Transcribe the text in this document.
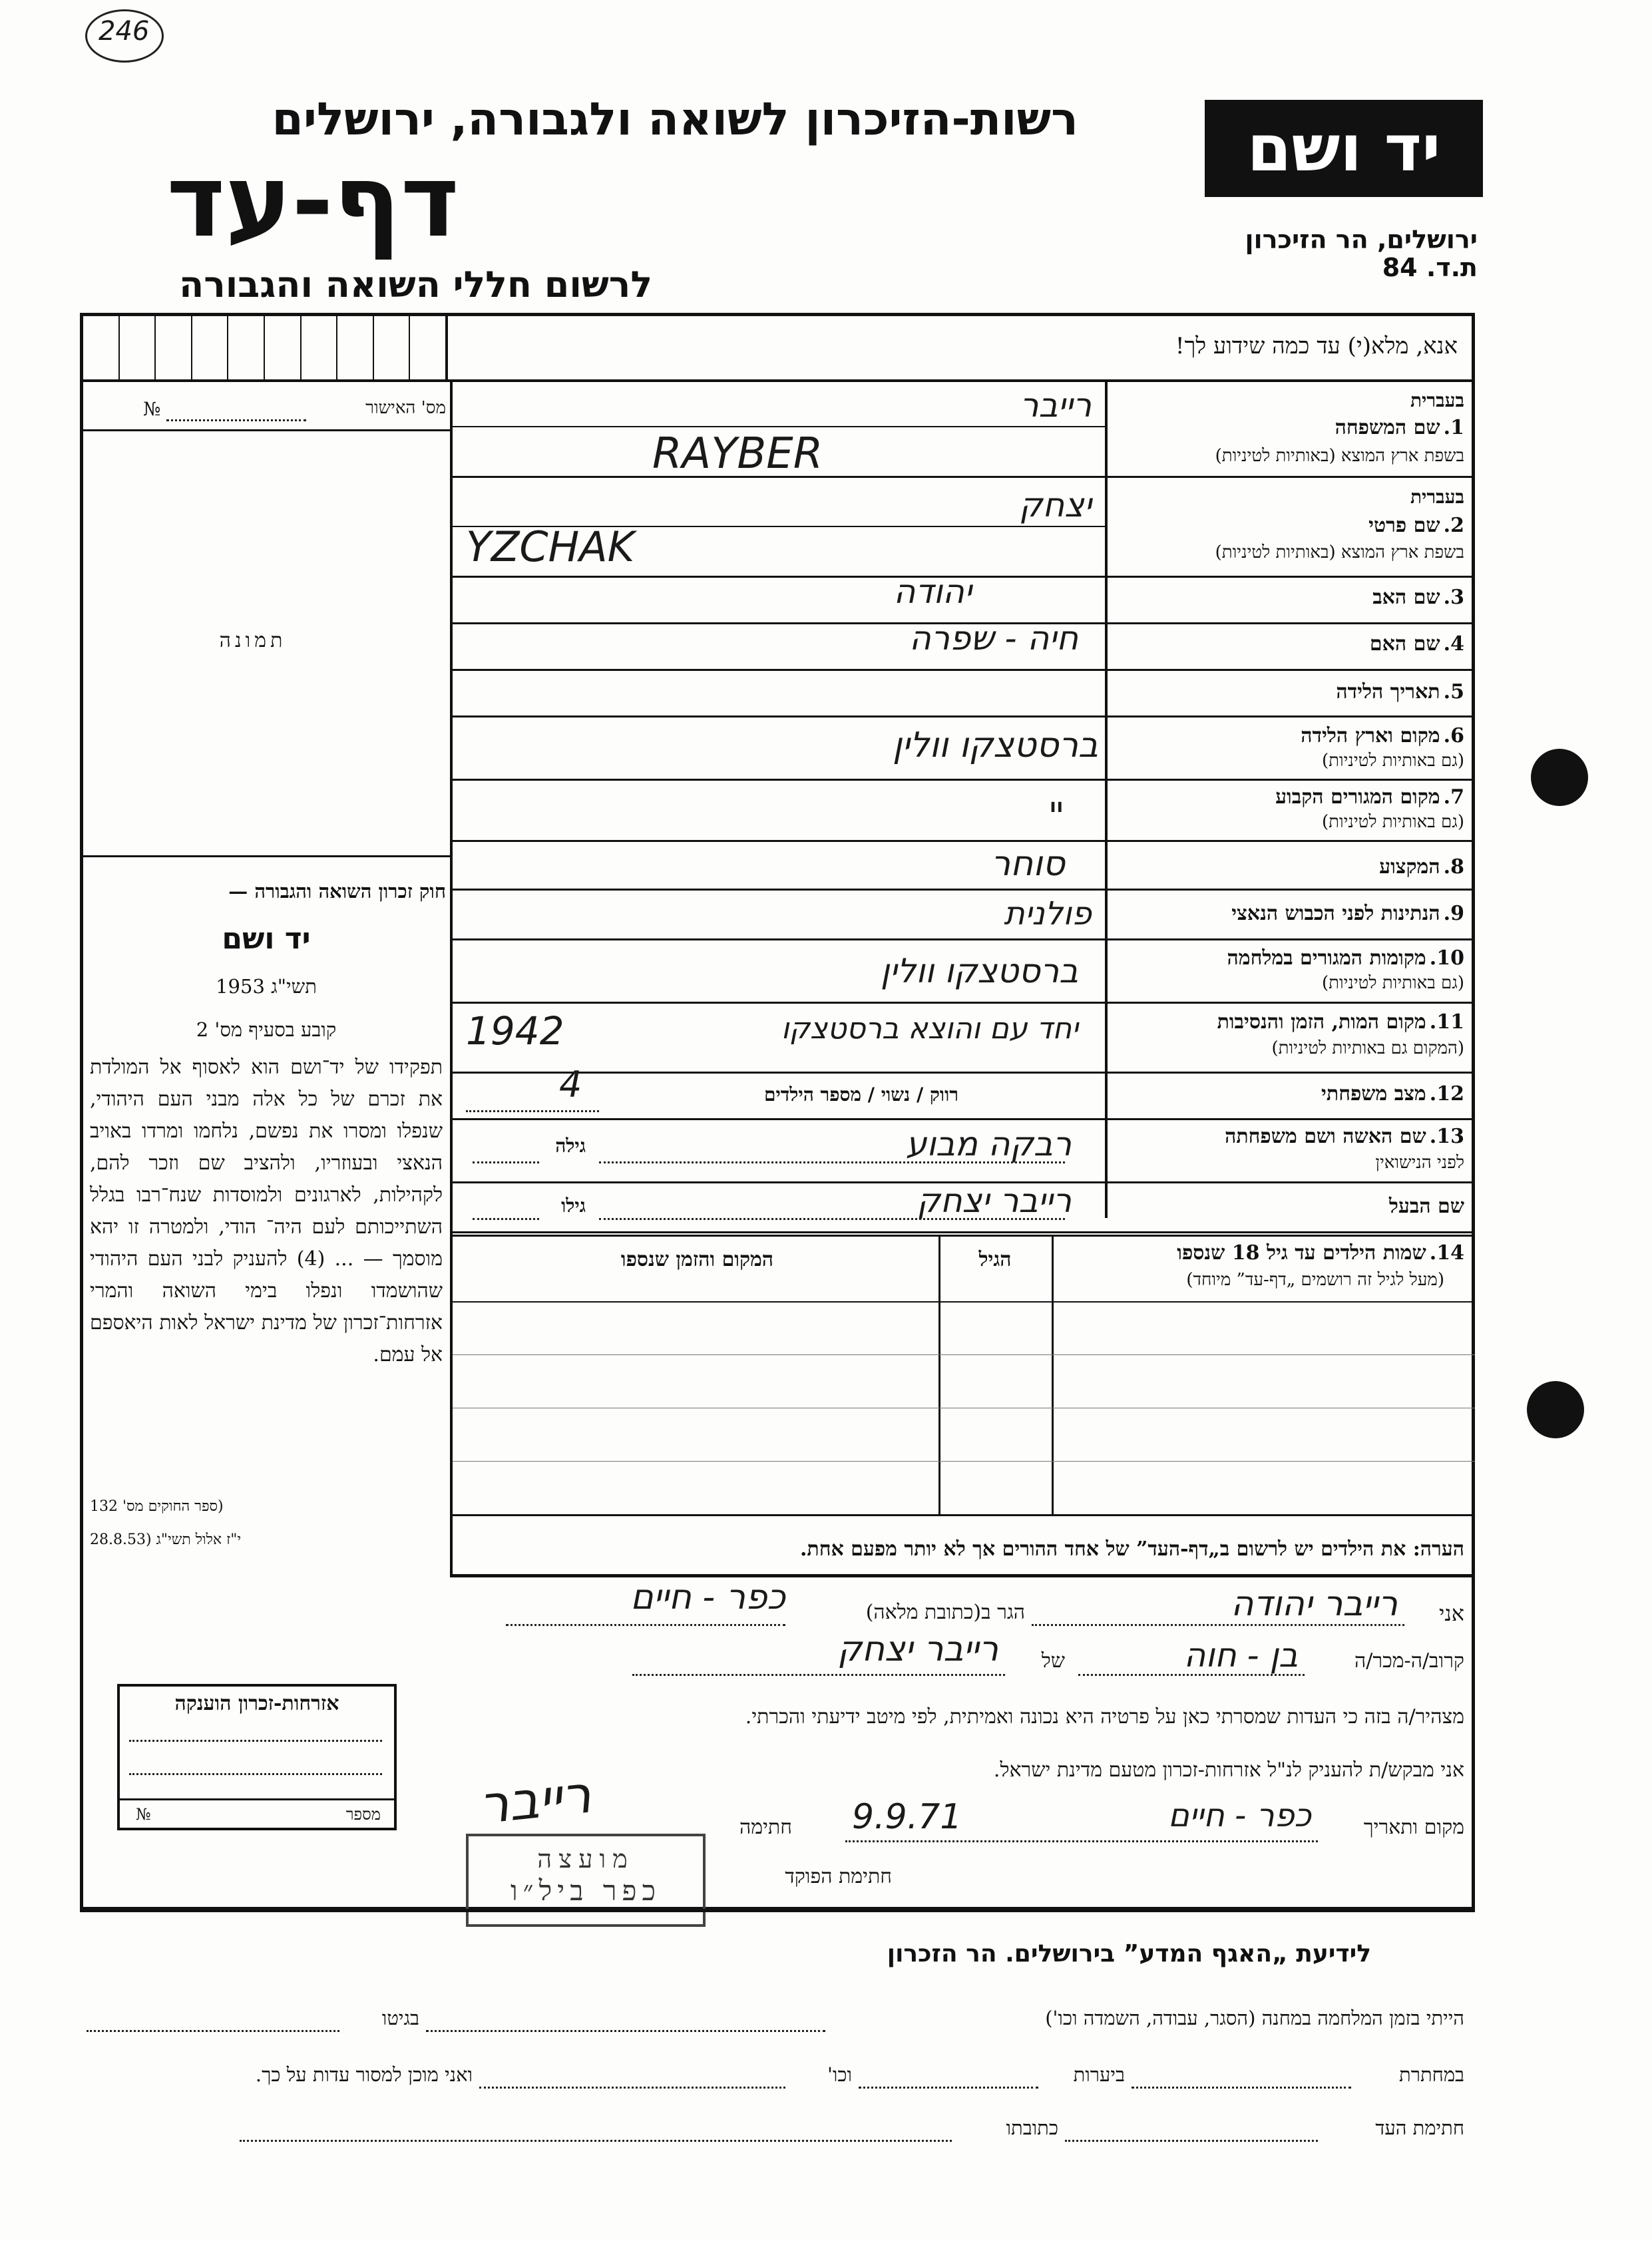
246
רשות-הזיכרון לשואה ולגבורה, ירושלים
דף-עד
לרשום חללי השואה והגבורה
יד ושם
ירושלים, הר הזיכרון
ת.ד. 84
אנא, מלא(י) עד כמה שידוע לך!
מס' האישור
№
תמונה
חוק זכרון השואה והגבורה —
יד ושם
תשי"ג 1953
קובע בסעיף מס' 2
תפקידו של יד־ושם הוא לאסוף אל המולדת את זכרם של כל אלה מבני העם היהודי, שנפלו ומסרו את נפשם, נלחמו ומרדו באויב הנאצי ובעוזריו, ולהציב שם וזכר להם, לקהילות, לארגונים ולמוסדות שנח־רבו בגלל השתייכותם לעם היה־ הודי, ולמטרה זו יהא מוסמך — ... (4) להעניק לבני העם היהודי שהושמדו ונפלו בימי השואה והמרי אזרחות־זכרון של מדינת ישראל לאות היאספם אל עמם.
(ספר החוקים מס' 132
י"ז אלול תשי"ג (28.8.53
בעברית
1. שם המשפחה
בשפת ארץ המוצא (באותיות לטיניות)
רייבר
RAYBER
בעברית
2. שם פרטי
בשפת ארץ המוצא (באותיות לטיניות)
יצחק
YZCHAK
3. שם האב
יהודה
4. שם האם
חיה - שפרה
5. תאריך הלידה
6. מקום וארץ הלידה
(גם באותיות לטיניות)
ברסטצקו וולין
7. מקום המגורים הקבוע
(גם באותיות לטיניות)
"
8. המקצוע
סוחר
9. הנתינות לפני הכבוש הנאצי
פולנית
10. מקומות המגורים במלחמה
(גם באותיות לטיניות)
ברסטצקו וולין
11. מקום המות, הזמן והנסיבות
(המקום גם באותיות לטיניות)
יחד עם והוצא ברסטצקו
1942
12. מצב משפחתי
רווק / נשוי / מספר הילדים
4
13. שם האשה ושם משפחתה
לפני הנישואין
רבקה מבוע
גילה
שם הבעל
רייבר יצחק
גילו
14. שמות הילדים עד גיל 18 שנספו
(מעל לגיל זה רושמים „דף-עד” מיוחד)
הגיל
המקום והזמן שנספו
הערה: את הילדים יש לרשום ב„דף-העד” של אחד ההורים אך לא יותר מפעם אחת.
אני
רייבר יהודה
הגר ב(כתובת מלאה)
כפר - חיים
קרוב/ה-מכר/ה
בן - חוה
של
רייבר יצחק
מצהיר/ה בזה כי העדות שמסרתי כאן על פרטיה היא נכונה ואמיתית, לפי מיטב ידיעתי והכרתי.
אני מבקש/ת להעניק לנ"ל אזרחות-זכרון מטעם מדינת ישראל.
מקום ותאריך
כפר - חיים
9.9.71
חתימה
רייבר
חתימת הפוקד
מועצה
כפר ביל״ו
אזרחות-זכרון הוענקה
מספר
№
לידיעת „האגף המדע” בירושלים. הר הזכרון
הייתי בזמן המלחמה במחנה (הסגר, עבודה, השמדה וכו')
בגיטו
במחתרת
ביערות
וכו'
ואני מוכן למסור עדות על כך.
חתימת העד
כתובתו
